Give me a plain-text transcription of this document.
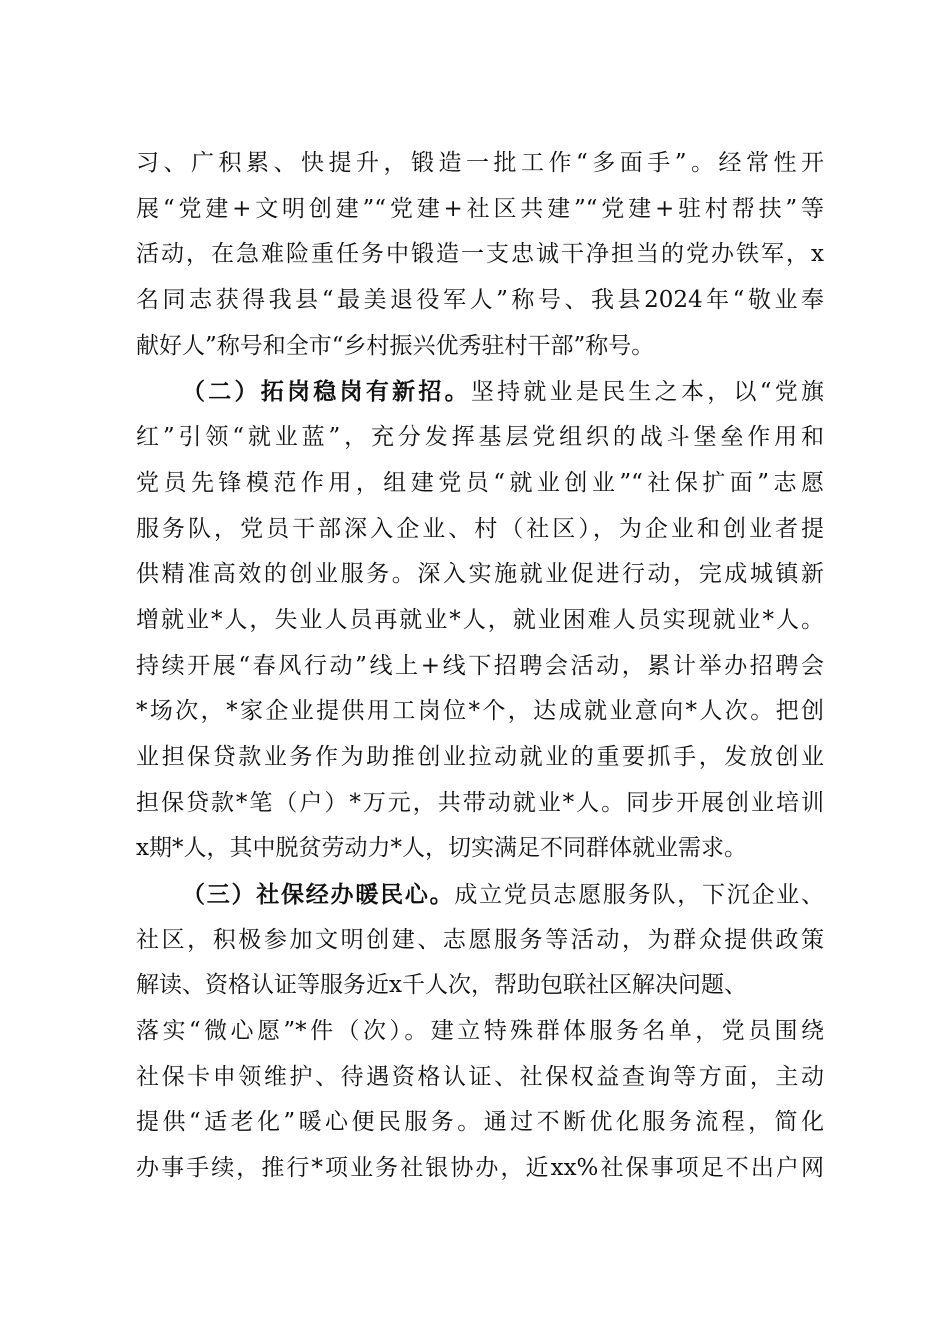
习、广积累、快提升，锻造一批工作“多面手”。经常性开
展“党建+文明创建”“党建+社区共建”“党建+驻村帮扶”等
活动，在急难险重任务中锻造一支忠诚干净担当的党办铁军，x
名同志获得我县“最美退役军人”称号、我县2024年“敬业奉
献好人”称号和全市“乡村振兴优秀驻村干部”称号。
（二）拓岗稳岗有新招。坚持就业是民生之本，以“党旗
红”引领“就业蓝”，充分发挥基层党组织的战斗堡垒作用和
党员先锋模范作用，组建党员“就业创业”“社保扩面”志愿
服务队，党员干部深入企业、村（社区），为企业和创业者提
供精准高效的创业服务。深入实施就业促进行动，完成城镇新
增就业*人，失业人员再就业*人，就业困难人员实现就业*人。
持续开展“春风行动”线上+线下招聘会活动，累计举办招聘会
*场次，*家企业提供用工岗位*个，达成就业意向*人次。把创
业担保贷款业务作为助推创业拉动就业的重要抓手，发放创业
担保贷款*笔（户）*万元，共带动就业*人。同步开展创业培训
x期*人，其中脱贫劳动力*人，切实满足不同群体就业需求。
（三）社保经办暖民心。成立党员志愿服务队，下沉企业、
社区，积极参加文明创建、志愿服务等活动，为群众提供政策
解读、资格认证等服务近x千人次，帮助包联社区解决问题、
落实“微心愿”*件（次）。建立特殊群体服务名单，党员围绕
社保卡申领维护、待遇资格认证、社保权益查询等方面，主动
提供“适老化”暖心便民服务。通过不断优化服务流程，简化
办事手续，推行*项业务社银协办，近xx%社保事项足不出户网
